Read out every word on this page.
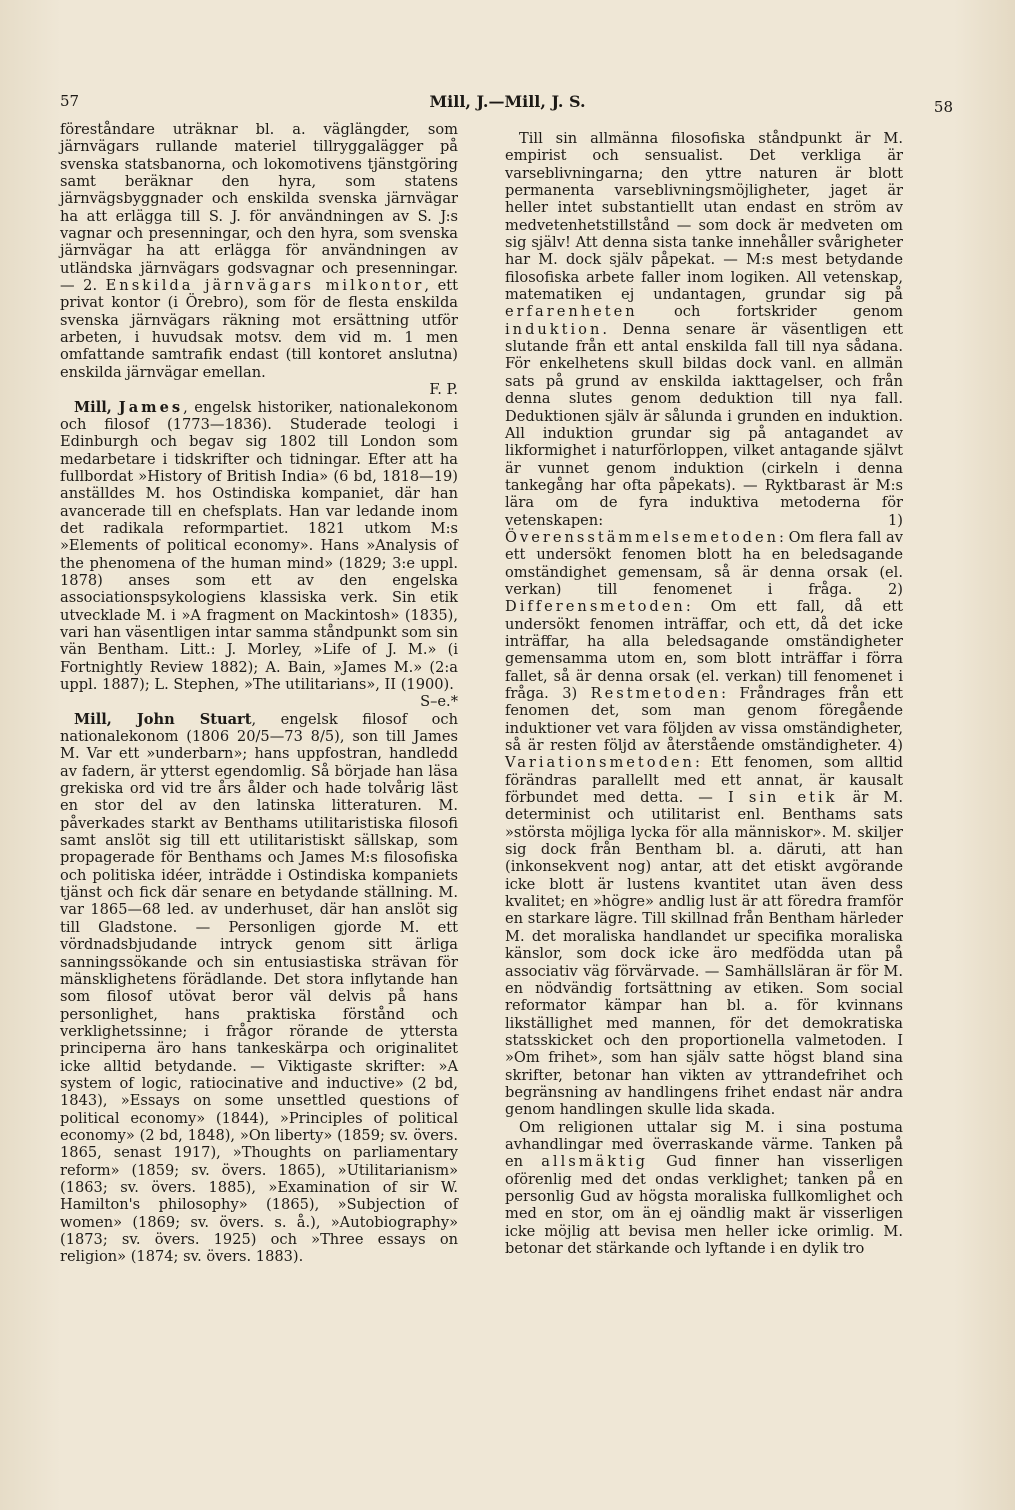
57	Mill, J.—Mill, J. S.	58

föreståndare uträknar bl. a. väglängder, som järnvägars rullande materiel tillryggalägger på svenska statsbanorna, och lokomotivens tjänstgöring samt beräknar den hyra, som statens järnvägsbyggnader och enskilda svenska järnvägar ha att erlägga till S. J. för användningen av S. J:s vagnar och presenningar, och den hyra, som svenska järnvägar ha att erlägga för användningen av utländska järnvägars godsvagnar och presenningar. — 2. Enskilda järnvägars milkontor, ett privat kontor (i Örebro), som för de flesta enskilda svenska järnvägars räkning mot ersättning utför arbeten, i huvudsak motsv. dem vid m. 1 men omfattande samtrafik endast (till kontoret anslutna) enskilda järnvägar emellan.

F. P.

Mill, James, engelsk historiker, nationalekonom och filosof (1773—1836). Studerade teologi i Edinburgh och begav sig 1802 till London som medarbetare i tidskrifter och tidningar. Efter att ha fullbordat »History of British India» (6 bd, 1818—19) anställdes M. hos Ostindiska kompaniet, där han avancerade till en chefsplats. Han var ledande inom det radikala reformpartiet. 1821 utkom M:s »Elements of political economy». Hans »Analysis of the phenomena of the human mind» (1829; 3:e uppl. 1878) anses som ett av den engelska associationspsykologiens klassiska verk. Sin etik utvecklade M. i »A fragment on Mackintosh» (1835), vari han väsentligen intar samma ståndpunkt som sin vän Bentham. Litt.: J. Morley, »Life of J. M.» (i Fortnightly Review 1882); A. Bain, »James M.» (2:a uppl. 1887); L. Stephen, »The utilitarians», II (1900).

S–e.*

Mill, John Stuart, engelsk filosof och nationalekonom (1806 20/5—73 8/5), son till James M. Var ett »underbarn»; hans uppfostran, handledd av fadern, är ytterst egendomlig. Så började han läsa grekiska ord vid tre års ålder och hade tolvårig läst en stor del av den latinska litteraturen. M. påverkades starkt av Benthams utilitaristiska filosofi samt anslöt sig till ett utilitaristiskt sällskap, som propagerade för Benthams och James M:s filosofiska och politiska idéer, inträdde i Ostindiska kompaniets tjänst och fick där senare en betydande ställning. M. var 1865—68 led. av underhuset, där han anslöt sig till Gladstone. — Personligen gjorde M. ett vördnadsbjudande intryck genom sitt ärliga sanningssökande och sin entusiastiska strävan för mänsklighetens förädlande. Det stora inflytande han som filosof utövat beror väl delvis på hans personlighet, hans praktiska förstånd och verklighetssinne; i frågor rörande de yttersta principerna äro hans tankeskärpa och originalitet icke alltid betydande. — Viktigaste skrifter: »A system of logic, ratiocinative and inductive» (2 bd, 1843), »Essays on some unsettled questions of political economy» (1844), »Principles of political economy» (2 bd, 1848), »On liberty» (1859; sv. övers. 1865, senast 1917), »Thoughts on parliamentary reform» (1859; sv. övers. 1865), »Utilitarianism» (1863; sv. övers. 1885), »Examination of sir W. Hamilton's philosophy» (1865), »Subjection of women» (1869; sv. övers. s. å.), »Autobiography» (1873; sv. övers. 1925) och »Three essays on religion» (1874; sv. övers. 1883).

Till sin allmänna filosofiska ståndpunkt är M. empirist och sensualist. Det verkliga är varseblivningarna; den yttre naturen är blott permanenta varseblivningsmöjligheter, jaget är heller intet substantiellt utan endast en ström av medvetenhetstillstånd — som dock är medveten om sig själv! Att denna sista tanke innehåller svårigheter har M. dock själv påpekat. — M:s mest betydande filosofiska arbete faller inom logiken. All vetenskap, matematiken ej undantagen, grundar sig på erfarenheten och fortskrider genom induktion. Denna senare är väsentligen ett slutande från ett antal enskilda fall till nya sådana. För enkelhetens skull bildas dock vanl. en allmän sats på grund av enskilda iakttagelser, och från denna slutes genom deduktion till nya fall. Deduktionen själv är sålunda i grunden en induktion. All induktion grundar sig på antagandet av likformighet i naturförloppen, vilket antagande självt är vunnet genom induktion (cirkeln i denna tankegång har ofta påpekats). — Ryktbarast är M:s lära om de fyra induktiva metoderna för vetenskapen: 1) Överensstämmelsemetoden: Om flera fall av ett undersökt fenomen blott ha en beledsagande omständighet gemensam, så är denna orsak (el. verkan) till fenomenet i fråga. 2) Differensmetoden: Om ett fall, då ett undersökt fenomen inträffar, och ett, då det icke inträffar, ha alla beledsagande omständigheter gemensamma utom en, som blott inträffar i förra fallet, så är denna orsak (el. verkan) till fenomenet i fråga. 3) Restmetoden: Fråndrages från ett fenomen det, som man genom föregående induktioner vet vara följden av vissa omständigheter, så är resten följd av återstående omständigheter. 4) Variationsmetoden: Ett fenomen, som alltid förändras parallellt med ett annat, är kausalt förbundet med detta. — I sin etik är M. determinist och utilitarist enl. Benthams sats »största möjliga lycka för alla människor». M. skiljer sig dock från Bentham bl. a. däruti, att han (inkonsekvent nog) antar, att det etiskt avgörande icke blott är lustens kvantitet utan även dess kvalitet; en »högre» andlig lust är att föredra framför en starkare lägre. Till skillnad från Bentham härleder M. det moraliska handlandet ur specifika moraliska känslor, som dock icke äro medfödda utan på associativ väg förvärvade. — Samhällsläran är för M. en nödvändig fortsättning av etiken. Som social reformator kämpar han bl. a. för kvinnans likställighet med mannen, för det demokratiska statsskicket och den proportionella valmetoden. I »Om frihet», som han själv satte högst bland sina skrifter, betonar han vikten av yttrandefrihet och begränsning av handlingens frihet endast när andra genom handlingen skulle lida skada.

Om religionen uttalar sig M. i sina postuma avhandlingar med överraskande värme. Tanken på en allsmäktig Gud finner han visserligen oförenlig med det ondas verklighet; tanken på en personlig Gud av högsta moraliska fullkomlighet och med en stor, om än ej oändlig makt är visserligen icke möjlig att bevisa men heller icke orimlig. M. betonar det stärkande och lyftande i en dylik tro
